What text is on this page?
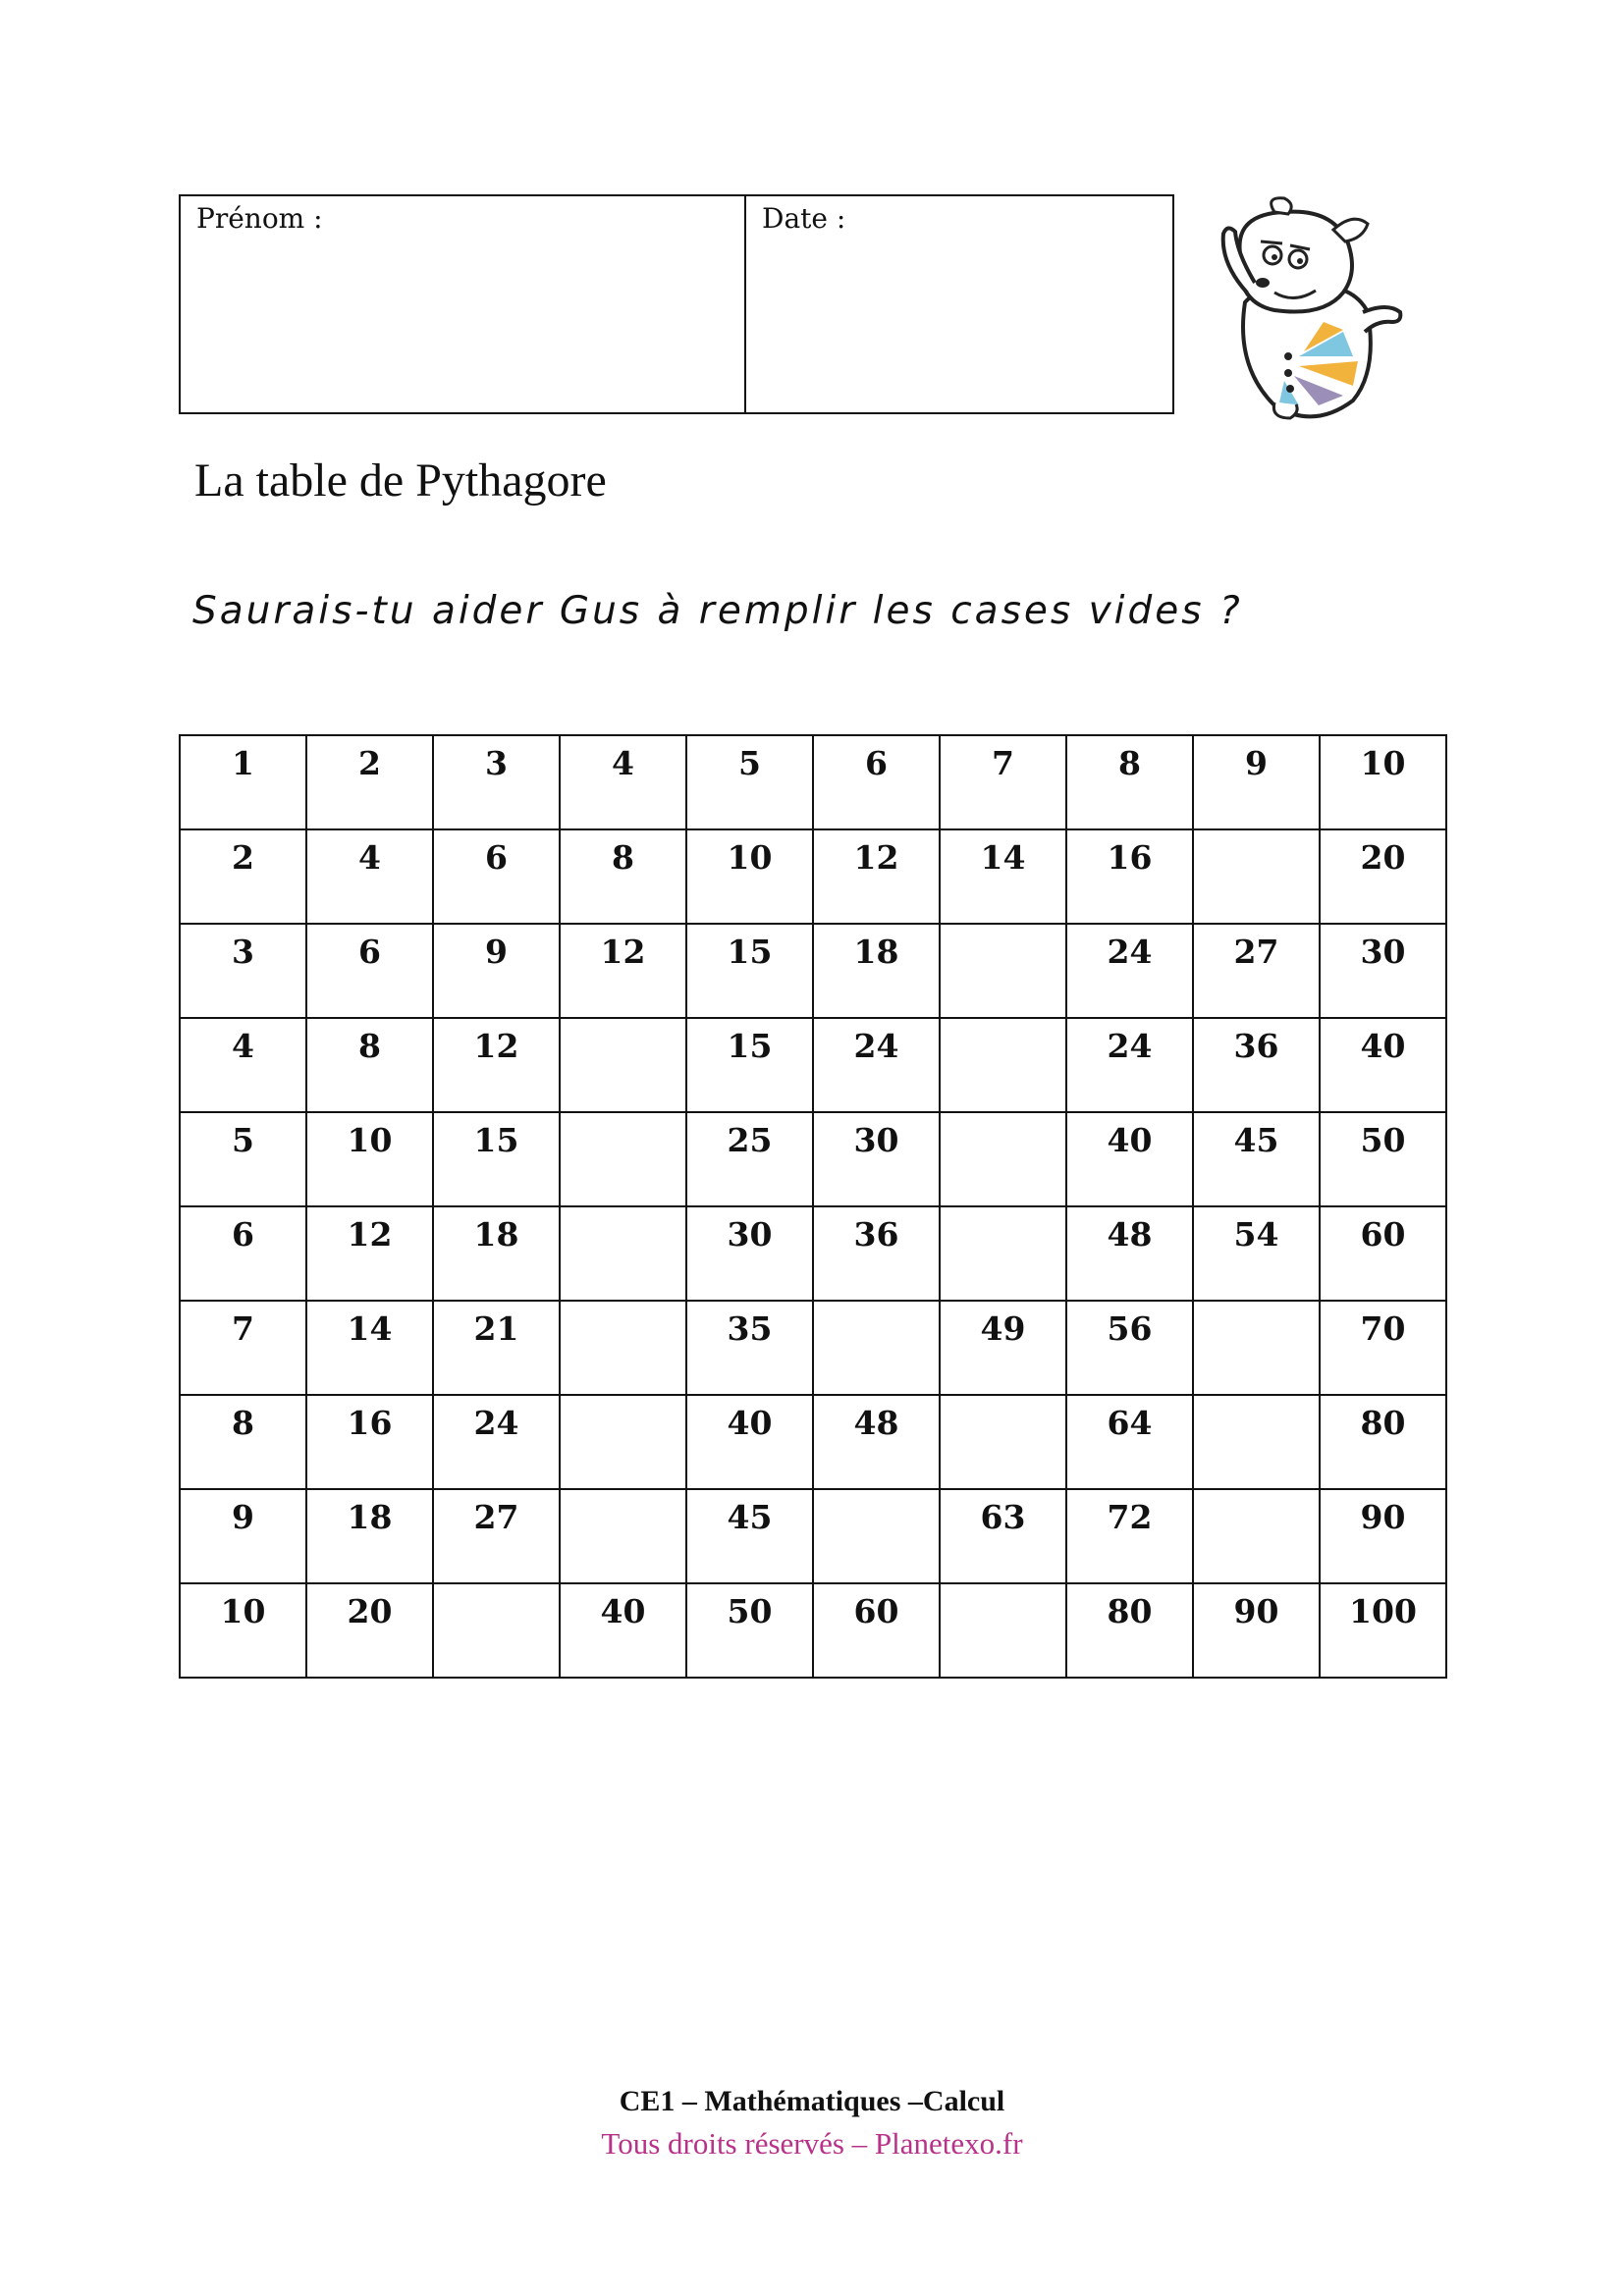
Prénom :	Date :
La table de Pythagore
Saurais-tu aider Gus à remplir les cases vides ?
1	2	3	4	5	6	7	8	9	10
2	4	6	8	10	12	14	16		20
3	6	9	12	15	18		24	27	30
4	8	12		15	24		24	36	40
5	10	15		25	30		40	45	50
6	12	18		30	36		48	54	60
7	14	21		35		49	56		70
8	16	24		40	48		64		80
9	18	27		45		63	72		90
10	20		40	50	60		80	90	100
CE1 – Mathématiques –Calcul
Tous droits réservés – Planetexo.fr
